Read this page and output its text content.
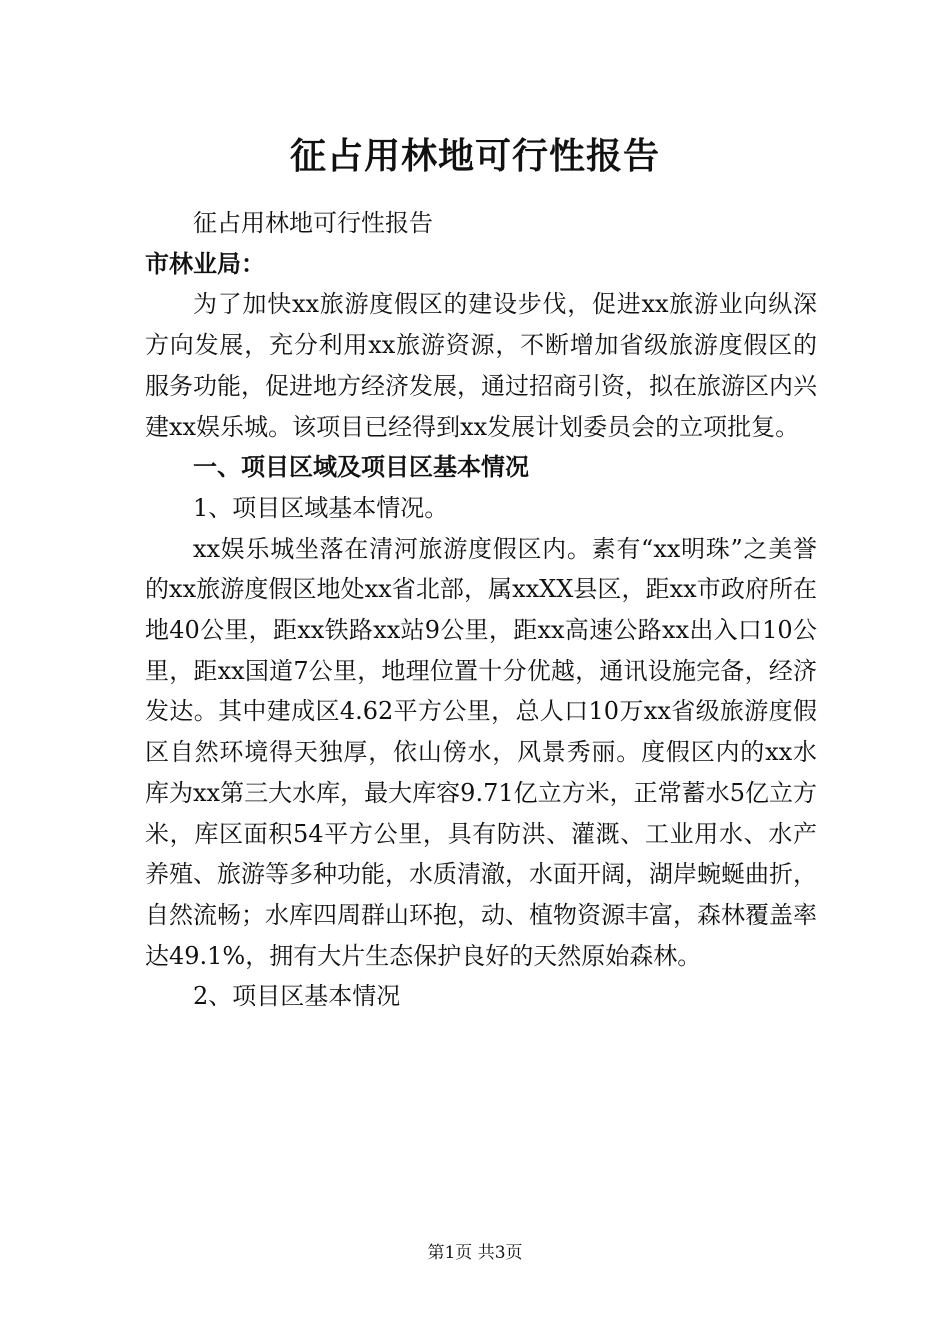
征占用林地可行性报告

征占用林地可行性报告

市林业局：

为了加快xx旅游度假区的建设步伐，促进xx旅游业向纵深方向发展，充分利用xx旅游资源，不断增加省级旅游度假区的服务功能，促进地方经济发展，通过招商引资，拟在旅游区内兴建xx娱乐城。该项目已经得到xx发展计划委员会的立项批复。

一、项目区域及项目区基本情况

1、项目区域基本情况。

xx娱乐城坐落在清河旅游度假区内。素有“xx明珠”之美誉的xx旅游度假区地处xx省北部，属xxXX县区，距xx市政府所在地40公里，距xx铁路xx站9公里，距xx高速公路xx出入口10公里，距xx国道7公里，地理位置十分优越，通讯设施完备，经济发达。其中建成区4.62平方公里，总人口10万xx省级旅游度假区自然环境得天独厚，依山傍水，风景秀丽。度假区内的xx水库为xx第三大水库，最大库容9.71亿立方米，正常蓄水5亿立方米，库区面积54平方公里，具有防洪、灌溉、工业用水、水产养殖、旅游等多种功能，水质清澈，水面开阔，湖岸蜿蜒曲折，自然流畅；水库四周群山环抱，动、植物资源丰富，森林覆盖率达49.1%，拥有大片生态保护良好的天然原始森林。

2、项目区基本情况

第1页 共3页
